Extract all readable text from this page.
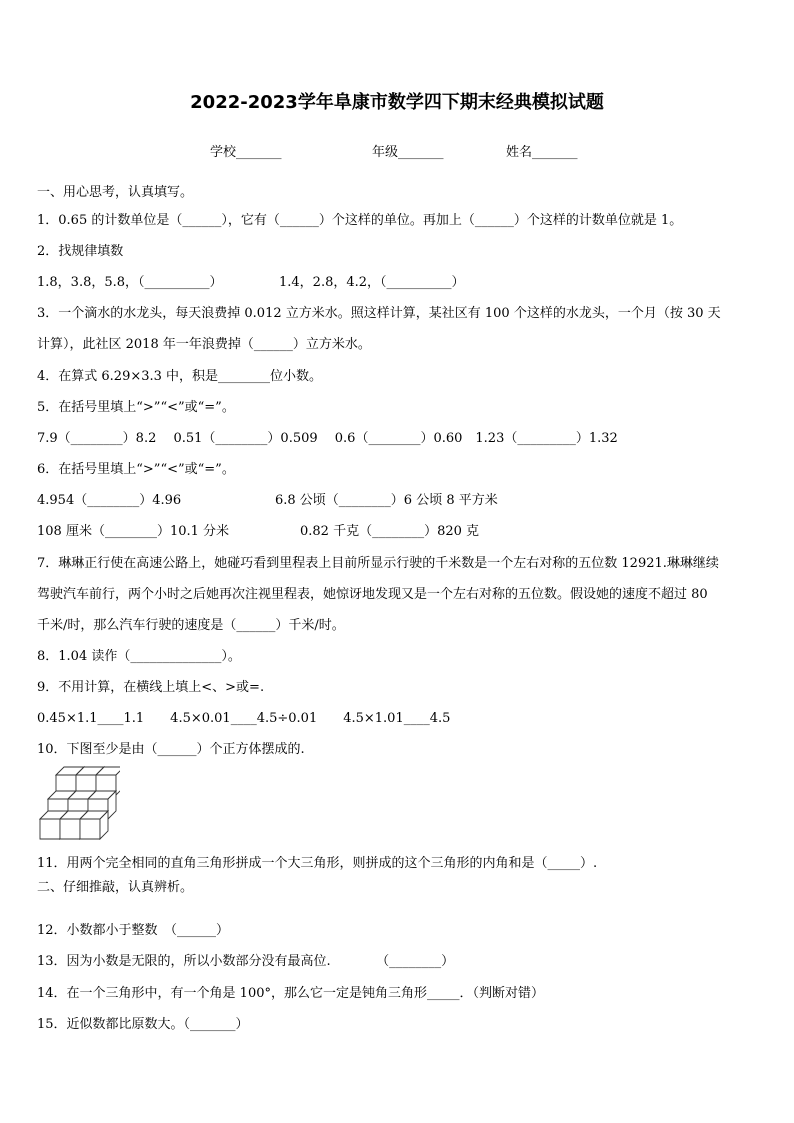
2022-2023学年阜康市数学四下期末经典模拟试题
学校_______	年级_______	姓名_______
一、用心思考，认真填写。
1．0.65 的计数单位是（______），它有（______）个这样的单位。再加上（______）个这样的计数单位就是 1。
2．找规律填数
1.8，3.8，5.8，（__________）	1.4，2.8，4.2，（__________）
3．一个滴水的水龙头，每天浪费掉 0.012 立方米水。照这样计算，某社区有 100 个这样的水龙头，一个月（按 30 天
计算），此社区 2018 年一年浪费掉（______）立方米水。
4．在算式 6.29×3.3 中，积是________位小数。
5．在括号里填上“>”“<”或“=”。
7.9（________）8.2　 0.51（________）0.509　 0.6（________）0.60　1.23（_________）1.32
6．在括号里填上“>”“<”或“=”。
4.954（________）4.96	6.8 公顷（________）6 公顷 8 平方米
108 厘米（________）10.1 分米	0.82 千克（________）820 克
7．琳琳正行使在高速公路上，她碰巧看到里程表上目前所显示行驶的千米数是一个左右对称的五位数 12921.琳琳继续
驾驶汽车前行，两个小时之后她再次注视里程表，她惊讶地发现又是一个左右对称的五位数。假设她的速度不超过 80
千米/时，那么汽车行驶的速度是（______）千米/时。
8．1.04 读作（______________）。
9．不用计算，在横线上填上<、>或=.
0.45×1.1____1.1　　4.5×0.01____4.5÷0.01　　4.5×1.01____4.5
10．下图至少是由（______）个正方体摆成的.
11．用两个完全相同的直角三角形拼成一个大三角形，则拼成的这个三角形的内角和是（_____）.
二、仔细推敲，认真辨析。
12．小数都小于整数　（______）
13．因为小数是无限的，所以小数部分没有最高位.　　　　（________）
14．在一个三角形中，有一个角是 100°，那么它一定是钝角三角形_____．（判断对错）
15．近似数都比原数大。（_______）
